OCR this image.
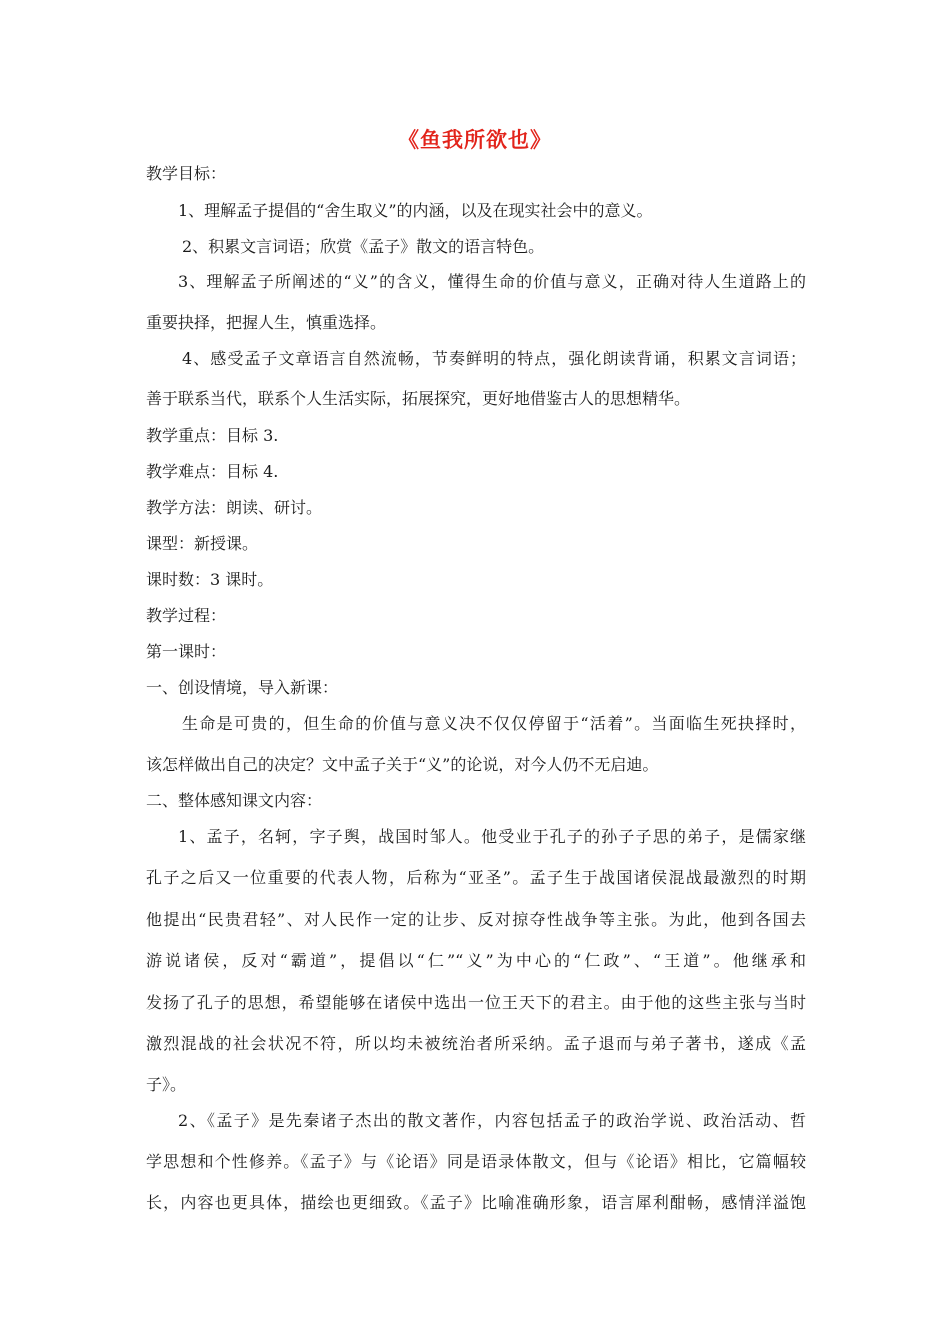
《鱼我所欲也》
教学目标：
1、理解孟子提倡的“舍生取义”的内涵，以及在现实社会中的意义。
2、积累文言词语；欣赏《孟子》散文的语言特色。
3、理解孟子所阐述的“义”的含义，懂得生命的价值与意义，正确对待人生道路上的
重要抉择，把握人生，慎重选择。
4、感受孟子文章语言自然流畅，节奏鲜明的特点，强化朗读背诵，积累文言词语；
善于联系当代，联系个人生活实际，拓展探究，更好地借鉴古人的思想精华。
教学重点：目标 3.
教学难点：目标 4.
教学方法：朗读、研讨。
课型：新授课。
课时数：3 课时。
教学过程：
第一课时：
一、创设情境，导入新课：
生命是可贵的，但生命的价值与意义决不仅仅停留于“活着”。当面临生死抉择时，
该怎样做出自己的决定？文中孟子关于“义”的论说，对今人仍不无启迪。
二、整体感知课文内容：
1、孟子，名轲，字子舆，战国时邹人。他受业于孔子的孙子子思的弟子，是儒家继
孔子之后又一位重要的代表人物，后称为“亚圣”。孟子生于战国诸侯混战最激烈的时期
他提出“民贵君轻”、对人民作一定的让步、反对掠夺性战争等主张。为此，他到各国去
游说诸侯，反对“霸道”，提倡以“仁”“义”为中心的“仁政”、“王道”。他继承和
发扬了孔子的思想，希望能够在诸侯中选出一位王天下的君主。由于他的这些主张与当时
激烈混战的社会状况不符，所以均未被统治者所采纳。孟子退而与弟子著书，遂成《孟
子》。
2、《孟子》是先秦诸子杰出的散文著作，内容包括孟子的政治学说、政治活动、哲
学思想和个性修养。《孟子》与《论语》同是语录体散文，但与《论语》相比，它篇幅较
长，内容也更具体，描绘也更细致。《孟子》比喻准确形象，语言犀利酣畅，感情洋溢饱
